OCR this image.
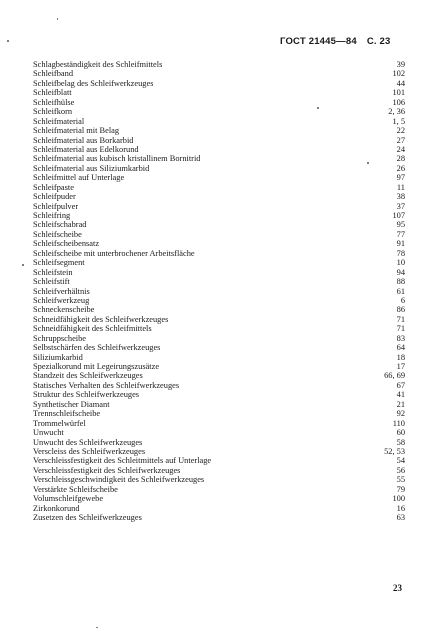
ГОСТ 21445—84 С. 23
Schlagbeständigkeit des Schleifmittels	39
Schleifband	102
Schleifbelag des Schleifwerkzeuges	44
Schleifblatt	101
Schleifhülse	106
Schleifkorn	2, 36
Schleifmaterial	1, 5
Schleifmaterial mit Belag	22
Schleifmaterial aus Borkarbid	27
Schleifmaterial aus Edelkorund	24
Schleifmaterial aus kubisch kristallinem Bornitrid	28
Schleifmaterial aus Siliziumkarbid	26
Schleifmittel auf Unterlage	97
Schleifpaste	11
Schleifpuder	38
Schleifpulver	37
Schleifring	107
Schleifschabrad	95
Schleifscheibe	77
Schleifscheibensatz	91
Schleifscheibe mit unterbrochener Arbeitsfläche	78
Schleifsegment	10
Schleifstein	94
Schleifstift	88
Schleifverhältnis	61
Schleifwerkzeug	6
Schneckenscheibe	86
Schneidfähigkeit des Schleifwerkzeuges	71
Schneidfähigkeit des Schleifmittels	71
Schruppscheibe	83
Selbstschärfen des Schleifwerkzeuges	64
Siliziumkarbid	18
Spezialkorund mit Legeirungszusätze	17
Standzeit des Schleifwerkzeuges	66, 69
Statisches Verhalten des Schleifwerkzeuges	67
Struktur des Schleifwerkzeuges	41
Synthetischer Diamant	21
Trennschleifscheibe	92
Trommelwürfel	110
Unwucht	60
Unwucht des Schleifwerkzeuges	58
Verscleiss des Schleifwerkzeuges	52, 53
Verschleissfestigkeit des Schleitmittels auf Unterlage	54
Verschleissfestigkeit des Schleifwerkzeuges	56
Verschleissgeschwindigkeit des Schleifwerkzeuges	55
Verstärkte Schleifscheibe	79
Volumschleifgewebe	100
Zirkonkorund	16
Zusetzen des Schleifwerkzeuges	63
23
